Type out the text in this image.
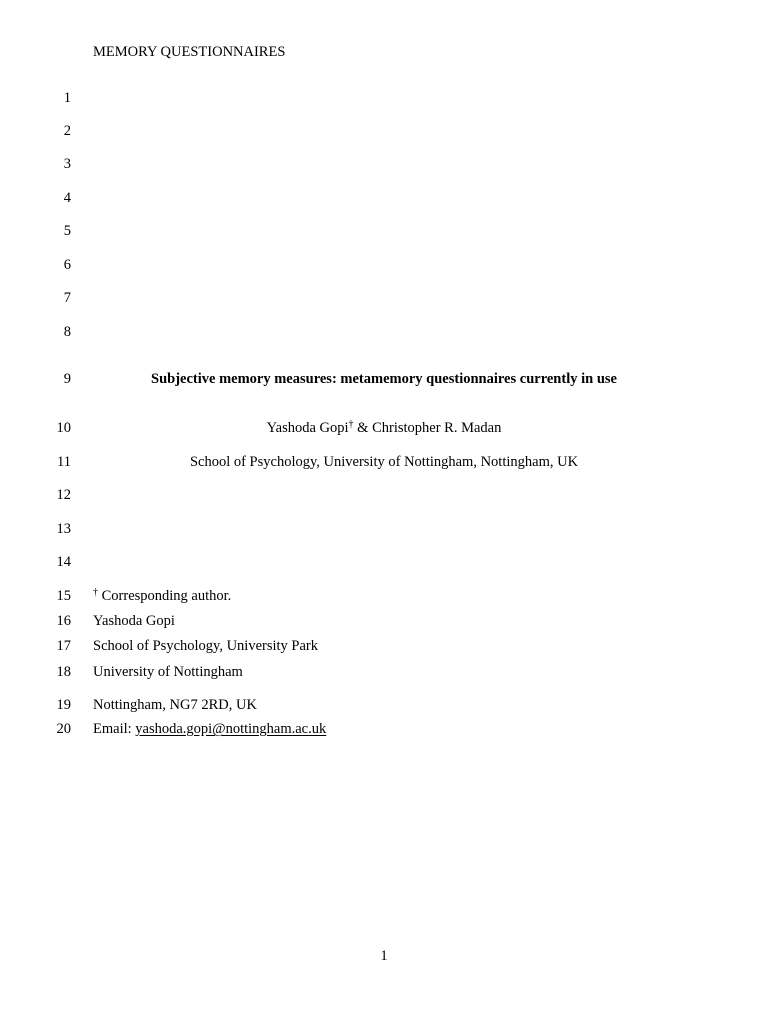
MEMORY QUESTIONNAIRES
1
2
3
4
5
6
7
8
9
10
11
12
13
14
15
16
17
18
19
20
Subjective memory measures: metamemory questionnaires currently in use
Yashoda Gopi† & Christopher R. Madan
School of Psychology, University of Nottingham, Nottingham, UK
† Corresponding author.
Yashoda Gopi
School of Psychology, University Park
University of Nottingham
Nottingham, NG7 2RD, UK
Email: yashoda.gopi@nottingham.ac.uk
1
